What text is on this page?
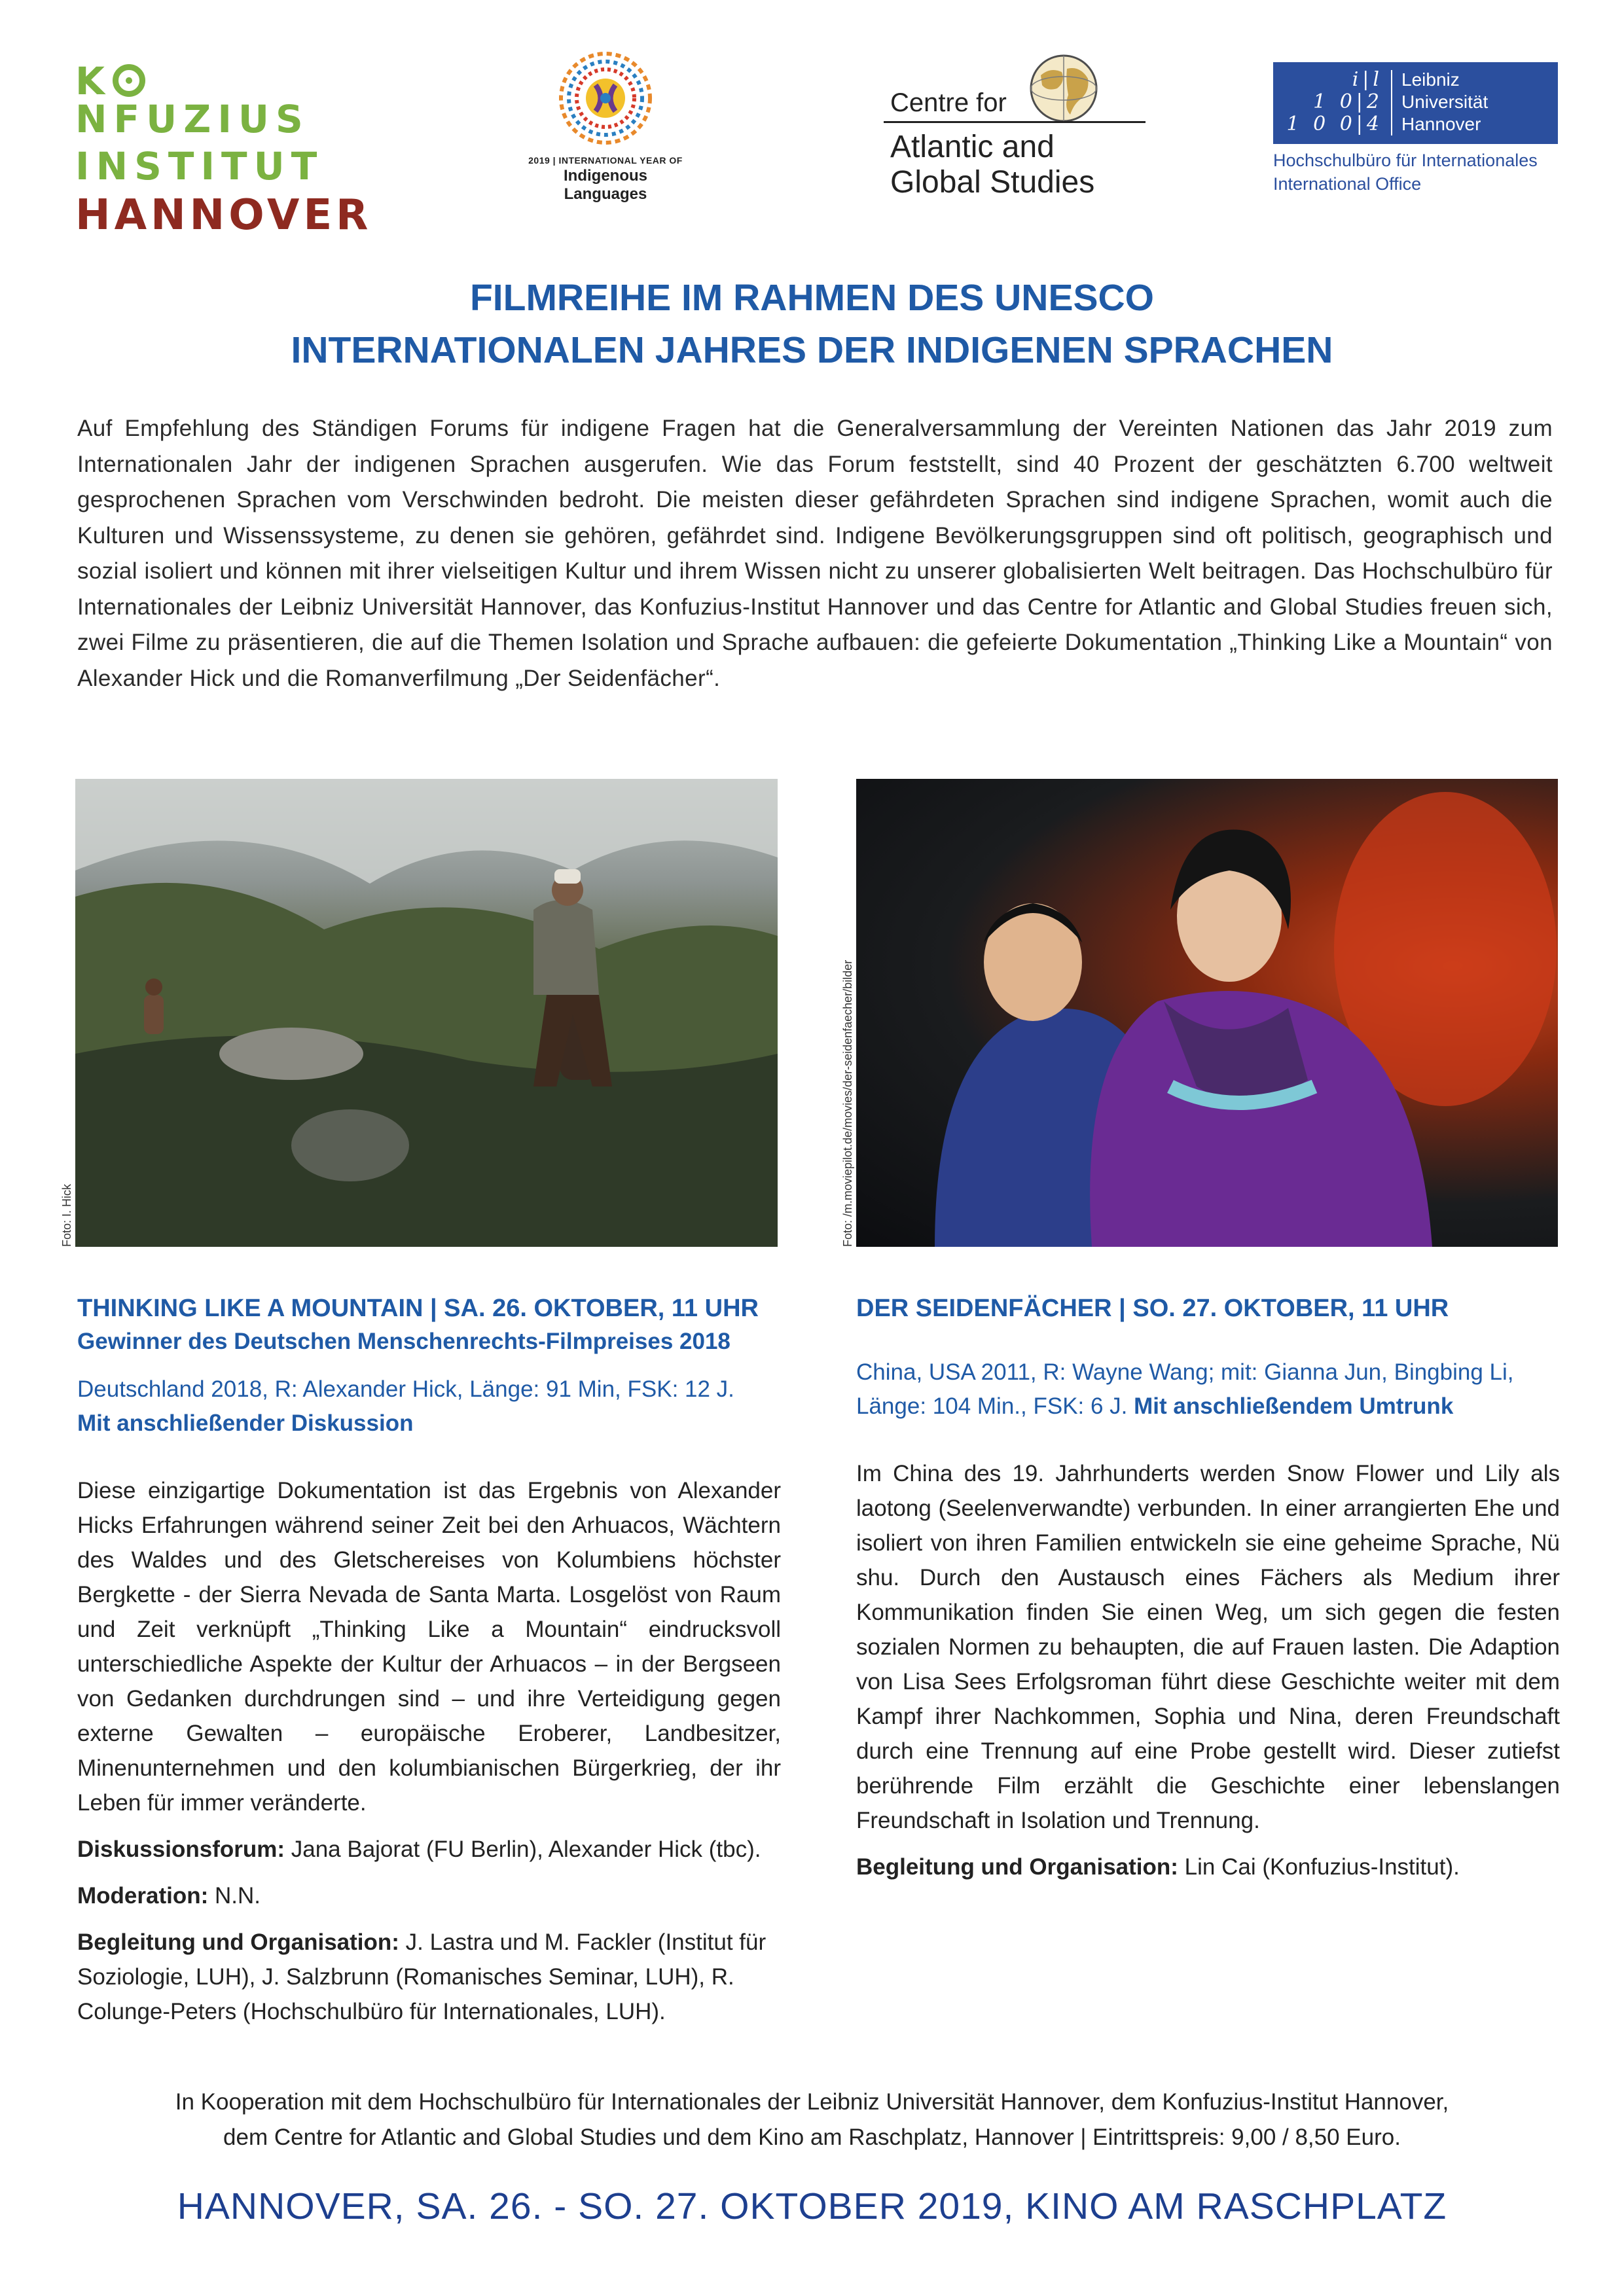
KNFUZIUS
INSTITUT
HANNOVER
2019 | INTERNATIONAL YEAR OF
Indigenous Languages
Centre for
Atlantic and
Global Studies
i|l
1 0|2
1 0 0|4
Leibniz
Universität
Hannover
Hochschulbüro für Internationales
International Office
FILMREIHE IM RAHMEN DES UNESCO
INTERNATIONALEN JAHRES DER INDIGENEN SPRACHEN
Auf Empfehlung des Ständigen Forums für indigene Fragen hat die Generalversammlung der Vereinten Nationen das Jahr 2019 zum Internationalen Jahr der indigenen Sprachen ausgerufen. Wie das Forum feststellt, sind 40 Prozent der geschätzten 6.700 weltweit gesprochenen Sprachen vom Verschwinden bedroht. Die meisten dieser gefährdeten Sprachen sind indigene Sprachen, womit auch die Kulturen und Wissenssysteme, zu denen sie gehören, gefährdet sind. Indigene Bevölkerungsgruppen sind oft politisch, geographisch und sozial isoliert und können mit ihrer vielseitigen Kultur und ihrem Wissen nicht zu unserer globalisierten Welt beitragen. Das Hochschulbüro für Internationales der Leibniz Universität Hannover, das Konfuzius-Institut Hannover und das Centre for Atlantic and Global Studies freuen sich, zwei Filme zu präsentieren, die auf die Themen Isolation und Sprache aufbauen: die gefeierte Dokumentation „Thinking Like a Mountain“ von Alexander Hick und die Romanverfilmung „Der Seidenfächer“.
Foto: I. Hick	Foto: /m.moviepilot.de/movies/der-seidenfaecher/bilder
THINKING LIKE A MOUNTAIN | SA. 26. OKTOBER, 11 UHR
Gewinner des Deutschen Menschenrechts-Filmpreises 2018
Deutschland 2018, R: Alexander Hick, Länge: 91 Min, FSK: 12 J.
Mit anschließender Diskussion
Diese einzigartige Dokumentation ist das Ergebnis von Alexander Hicks Erfahrungen während seiner Zeit bei den Arhuacos, Wächtern des Waldes und des Gletschereises von Kolumbiens höchster Bergkette - der Sierra Nevada de Santa Marta. Losgelöst von Raum und Zeit verknüpft „Thinking Like a Mountain“ eindrucksvoll unterschiedliche Aspekte der Kultur der Arhuacos – in der Bergseen von Gedanken durchdrungen sind – und ihre Verteidigung gegen externe Gewalten – europäische Eroberer, Landbesitzer, Minenunternehmen und den kolumbianischen Bürgerkrieg, der ihr Leben für immer veränderte.
Diskussionsforum: Jana Bajorat (FU Berlin), Alexander Hick (tbc).
Moderation: N.N.
Begleitung und Organisation: J. Lastra und M. Fackler (Institut für Soziologie, LUH), J. Salzbrunn (Romanisches Seminar, LUH), R. Colunge-Peters (Hochschulbüro für Internationales, LUH).
DER SEIDENFÄCHER | SO. 27. OKTOBER, 11 UHR
China, USA 2011, R: Wayne Wang; mit: Gianna Jun, Bingbing Li, Länge: 104 Min., FSK: 6 J. Mit anschließendem Umtrunk
Im China des 19. Jahrhunderts werden Snow Flower und Lily als laotong (Seelenverwandte) verbunden. In einer arrangierten Ehe und isoliert von ihren Familien entwickeln sie eine geheime Sprache, Nü shu. Durch den Austausch eines Fächers als Medium ihrer Kommunikation finden Sie einen Weg, um sich gegen die festen sozialen Normen zu behaupten, die auf Frauen lasten. Die Adaption von Lisa Sees Erfolgsroman führt diese Geschichte weiter mit dem Kampf ihrer Nachkommen, Sophia und Nina, deren Freundschaft durch eine Trennung auf eine Probe gestellt wird. Dieser zutiefst berührende Film erzählt die Geschichte einer lebenslangen Freundschaft in Isolation und Trennung.
Begleitung und Organisation: Lin Cai (Konfuzius-Institut).
In Kooperation mit dem Hochschulbüro für Internationales der Leibniz Universität Hannover, dem Konfuzius-Institut Hannover,
dem Centre for Atlantic and Global Studies und dem Kino am Raschplatz, Hannover | Eintrittspreis: 9,00 / 8,50 Euro.
HANNOVER, SA. 26. - SO. 27. OKTOBER 2019, KINO AM RASCHPLATZ
